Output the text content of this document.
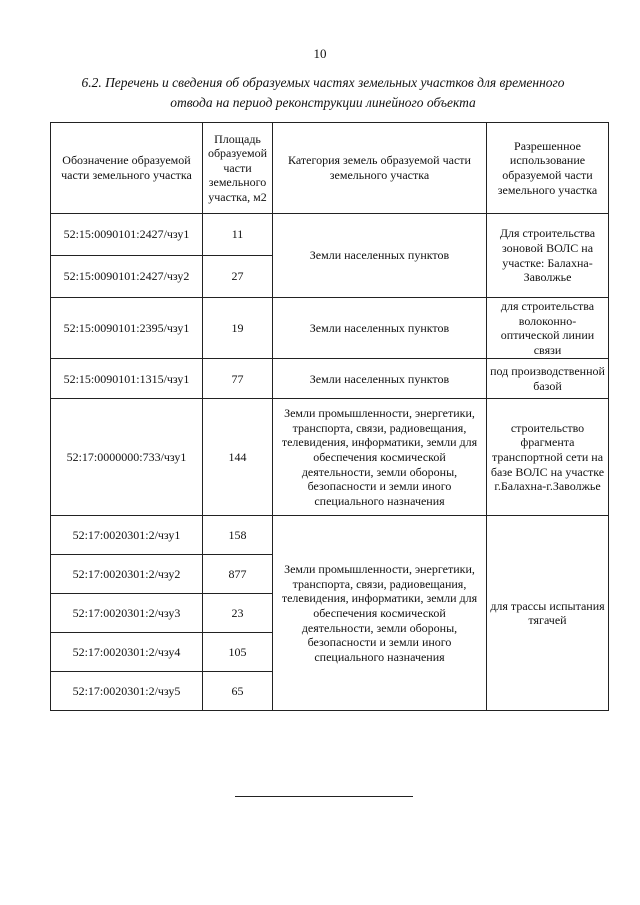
10
6.2. Перечень и сведения об образуемых частях земельных участков для временного
отвода на период реконструкции линейного объекта
Обозначение образуемой части земельного участка	Площадь образуемой части земельного участка, м2	Категория земель образуемой части земельного участка	Разрешенное использование образуемой части земельного участка
52:15:0090101:2427/чзу1	11	Земли населенных пунктов	Для строительства зоновой ВОЛС на участке: Балахна-Заволжье
52:15:0090101:2427/чзу2	27		
52:15:0090101:2395/чзу1	19	Земли населенных пунктов	для строительства волоконно-оптической линии связи
52:15:0090101:1315/чзу1	77	Земли населенных пунктов	под производственной базой
52:17:0000000:733/чзу1	144	Земли промышленности, энергетики, транспорта, связи, радиовещания, телевидения, информатики, земли для обеспечения космической деятельности, земли обороны, безопасности и земли иного специального назначения	строительство фрагмента транспортной сети на базе ВОЛС на участке г.Балахна-г.Заволжье
52:17:0020301:2/чзу1	158	Земли промышленности, энергетики, транспорта, связи, радиовещания, телевидения, информатики, земли для обеспечения космической деятельности, земли обороны, безопасности и земли иного специального назначения	для трассы испытания тягачей
52:17:0020301:2/чзу2	877		
52:17:0020301:2/чзу3	23		
52:17:0020301:2/чзу4	105		
52:17:0020301:2/чзу5	65		
